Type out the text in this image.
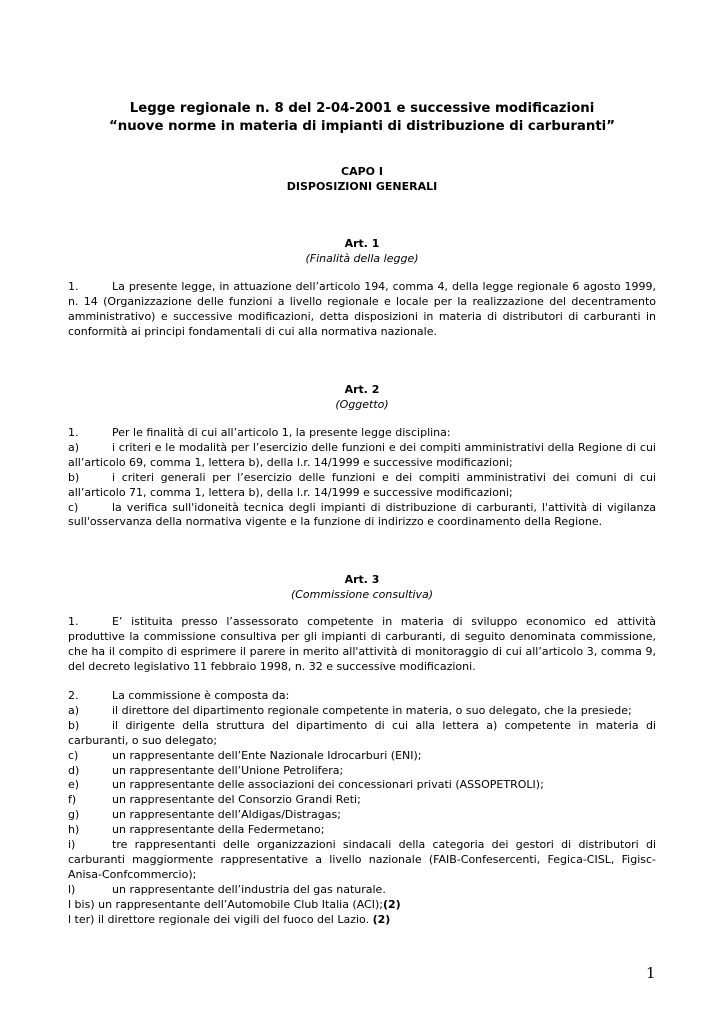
Legge regionale n. 8 del 2-04-2001 e successive modificazioni
“nuove norme in materia di impianti di distribuzione di carburanti”
CAPO I
DISPOSIZIONI GENERALI
Art. 1
(Finalità della legge)
1.	La presente legge, in attuazione dell’articolo 194, comma 4, della legge regionale 6 agosto 1999, n. 14 (Organizzazione delle funzioni a livello regionale e locale per la realizzazione del decentramento amministrativo) e successive modificazioni, detta disposizioni in materia di distributori di carburanti in conformità ai principi fondamentali di cui alla normativa nazionale.
Art. 2
(Oggetto)
1.	Per le finalità di cui all’articolo 1, la presente legge disciplina:
a)	i criteri e le modalità per l’esercizio delle funzioni e dei compiti amministrativi della Regione di cui all’articolo 69, comma 1, lettera b), della l.r. 14/1999 e successive modificazioni;
b)	i criteri generali per l’esercizio delle funzioni e dei compiti amministrativi dei comuni di cui all’articolo 71, comma 1, lettera b), della l.r. 14/1999 e successive modificazioni;
c)	la verifica sull'idoneità tecnica degli impianti di distribuzione di carburanti, l'attività di vigilanza sull'osservanza della normativa vigente e la funzione di indirizzo e coordinamento della Regione.
Art. 3
(Commissione consultiva)
1.	E’ istituita presso l’assessorato competente in materia di sviluppo economico ed attività produttive la commissione consultiva per gli impianti di carburanti, di seguito denominata commissione, che ha il compito di esprimere il parere in merito all'attività di monitoraggio di cui all’articolo 3, comma 9, del decreto legislativo 11 febbraio 1998, n. 32 e successive modificazioni.
2.	La commissione è composta da:
a)	il direttore del dipartimento regionale competente in materia, o suo delegato, che la presiede;
b)	il dirigente della struttura del dipartimento di cui alla lettera a) competente in materia di carburanti, o suo delegato;
c)	un rappresentante dell’Ente Nazionale Idrocarburi (ENI);
d)	un rappresentante dell’Unione Petrolifera;
e)	un rappresentante delle associazioni dei concessionari privati (ASSOPETROLI);
f)	un rappresentante del Consorzio Grandi Reti;
g)	un rappresentante dell’Aldigas/Distragas;
h)	un rappresentante della Federmetano;
i)	tre rappresentanti delle organizzazioni sindacali della categoria dei gestori di distributori di carburanti maggiormente rappresentative a livello nazionale (FAIB-Confesercenti, Fegica-CISL, Figisc-Anisa-Confcommercio);
l)	un rappresentante dell’industria del gas naturale.
l bis) un rappresentante dell’Automobile Club Italia (ACI);(2)
l ter) il direttore regionale dei vigili del fuoco del Lazio. (2)
1
